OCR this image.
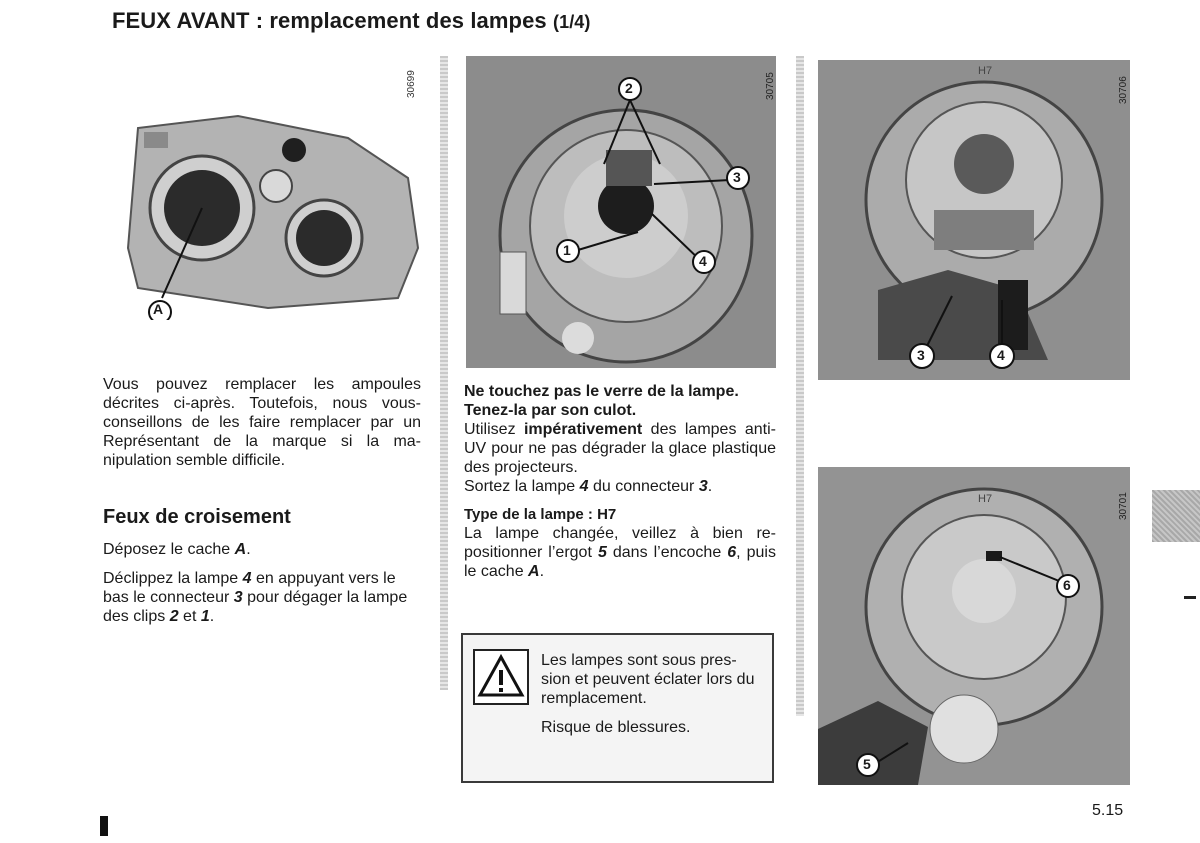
FEUX AVANT : remplacement des lampes (1/4)
A
30699	2
3
1
4
30705
3	4
H7
30706
6
5
H7	30701

Vous pouvez remplacer les ampoules décrites ci-après. Toutefois, nous vous-conseillons de les faire remplacer par un Représentant de la marque si la ma-nipulation semble difficile.

Feux de croisement

Déposez le cache A.

Déclippez la lampe 4 en appuyant vers le bas le connecteur 3 pour dégager la lampe des clips 2 et 1.

Ne touchez pas le verre de la lampe.
Tenez-la par son culot.
Utilisez impérativement des lampes anti-UV pour ne pas dégrader la glace plastique des projecteurs.
Sortez la lampe 4 du connecteur 3.
Type de la lampe : H7
La lampe changée, veillez à bien re-positionner l’ergot 5 dans l’encoche 6, puis le cache A.

Les lampes sont sous pres-sion et peuvent éclater lors du remplacement.

Risque de blessures.

5.15
